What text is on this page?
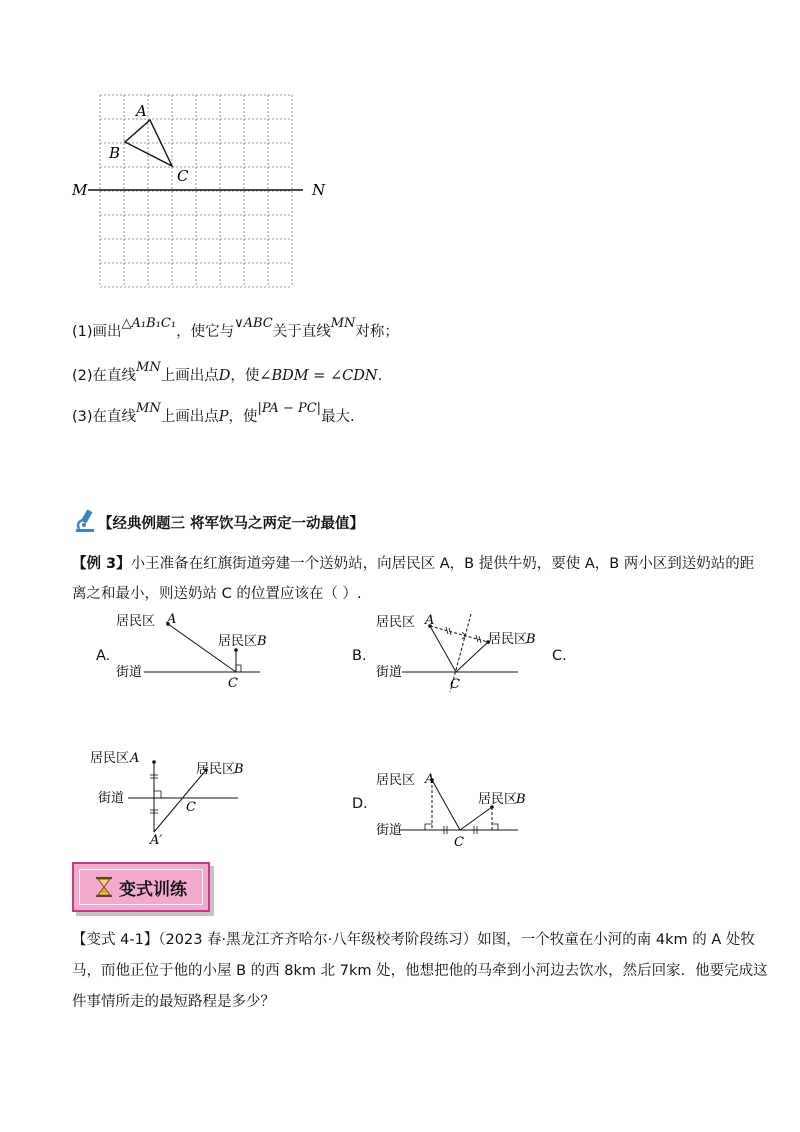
A
B
C
M	N
(1)画出△A₁B₁C₁，使它与∨ABC关于直线MN对称；
(2)在直线MN上画出点D，使∠BDM = ∠CDN.
(3)在直线MN上画出点P，使|PA − PC|最大.
【经典例题三 将军饮马之两定一动最值】
【例 3】小王准备在红旗街道旁建一个送奶站，向居民区 A，B 提供牛奶，要使 A，B 两小区到送奶站的距
离之和最小，则送奶站 C 的位置应该在（ ）.
A.
居民区 A
居民区 B
街道
C
B.
居民区 A
居民区
B
街道
C
C.
居民区 A
居民区
B
街道
C
A′
D.
居民区 A
居民区
B
街道
C
变式训练
【变式 4-1】（2023 春·黑龙江齐齐哈尔·八年级校考阶段练习）如图，一个牧童在小河的南 4km 的 A 处牧
马，而他正位于他的小屋 B 的西 8km 北 7km 处，他想把他的马牵到小河边去饮水，然后回家．他要完成这
件事情所走的最短路程是多少？
